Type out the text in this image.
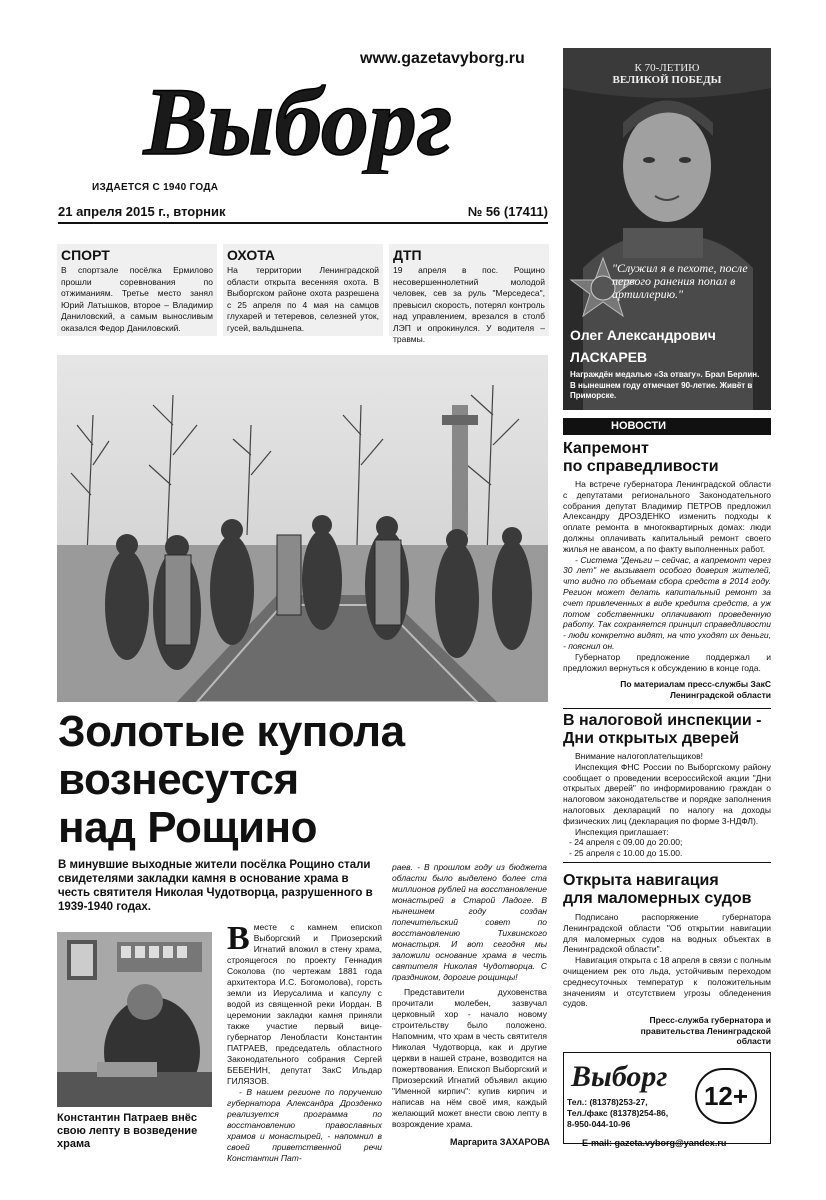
www.gazetavyborg.ru
Выборг
ИЗДАЕТСЯ С 1940 ГОДА
21 апреля 2015 г., вторник	№ 56 (17411)
СПОРТ

В спортзале посёлка Ермилово прошли соревнования по отжиманиям. Третье место занял Юрий Латышков, второе – Владимир Даниловский, а самым выносливым оказался Федор Даниловский.

ОХОТА

На территории Ленинградской области открыта весенняя охота. В Выборгском районе охота разрешена с 25 апреля по 4 мая на самцов глухарей и тетеревов, селезней уток, гусей, вальдшнепа.

ДТП

19 апреля в пос. Рощино несовершеннолетний молодой человек, сев за руль "Мерседеса", превысил скорость, потерял контроль над управлением, врезался в столб ЛЭП и опрокинулся. У водителя – травмы.

Золотые купола
вознесутся
над Рощино
В минувшие выходные жители посёлка Рощино стали свидетелями закладки камня в основание храма в честь святителя Николая Чудотворца, разрушенного в 1939-1940 годах.
Константин Патраев внёс свою лепту в возведение храма
В месте с камнем епископ Выборгский и Приозерский Игнатий вложил в стену храма, строящегося по проекту Геннадия Соколова (по чертежам 1881 года архитектора И.С. Богомолова), горсть земли из Иерусалима и капсулу с водой из священной реки Иордан. В церемонии закладки камня приняли также участие первый вице-губернатор Ленобласти Константин ПАТРАЕВ, председатель областного Законодательного собрания Сергей БЕБЕНИН, депутат ЗакС Ильдар ГИЛЯЗОВ.

- В нашем регионе по поручению губернатора Александра Дрозденко реализуется программа по восстановлению православных храмов и монастырей, - напомнил в своей приветственной речи Константин Пат-

раев. - В прошлом году из бюджета области было выделено более ста миллионов рублей на восстановление монастырей в Старой Ладоге. В нынешнем году создан попечительский совет по восстановлению Тихвинского монастыря. И вот сегодня мы заложили основание храма в честь святителя Николая Чудотворца. С праздником, дорогие рощинцы!

Представители духовенства прочитали молебен, зазвучал церковный хор - начало новому строительству было положено. Напомним, что храм в честь святителя Николая Чудотворца, как и другие церкви в нашей стране, возводится на пожертвования. Епископ Выборгский и Приозерский Игнатий объявил акцию "Именной кирпич": купив кирпич и написав на нём своё имя, каждый желающий может внести свою лепту в возрождение храма.

Маргарита ЗАХАРОВА
К 70-ЛЕТИЮ
ВЕЛИКОЙ ПОБЕДЫ
"Служил я в пехоте, после первого ранения попал в артиллерию."
Олег Александрович
ЛАСКАРЕВ
Награждён медалью «За отвагу». Брал Берлин. В нынешнем году отмечает 90-летие. Живёт в Приморске.
НОВОСТИ
Капремонт
по справедливости

На встрече губернатора Ленинградской области с депутатами регионального Законодательного собрания депутат Владимир ПЕТРОВ предложил Александру ДРОЗДЕНКО изменить подходы к оплате ремонта в многоквартирных домах: люди должны оплачивать капитальный ремонт своего жилья не авансом, а по факту выполненных работ.

- Система "Деньги – сейчас, а капремонт через 30 лет" не вызывает особого доверия жителей, что видно по объемам сбора средств в 2014 году. Регион может делать капитальный ремонт за счет привлеченных в виде кредита средств, а уж потом собственники оплачивают проведенную работу. Так сохраняется принцип справедливости - люди конкретно видят, на что уходят их деньги, - пояснил он.

Губернатор предложение поддержал и предложил вернуться к обсуждению в конце года.

По материалам пресс-службы ЗакС Ленинградской области

В налоговой инспекции -
Дни открытых дверей

Внимание налогоплательщиков!

Инспекция ФНС России по Выборгскому району сообщает о проведении всероссийской акции "Дни открытых дверей" по информированию граждан о налоговом законодательстве и порядке заполнения налоговых деклараций по налогу на доходы физических лиц (декларация по форме 3-НДФЛ).

Инспекция приглашает:

- 24 апреля с 09.00 до 20.00;

- 25 апреля с 10.00 до 15.00.

Открыта навигация
для маломерных судов

Подписано распоряжение губернатора Ленинградской области "Об открытии навигации для маломерных судов на водных объектах в Ленинградской области".

Навигация открыта с 18 апреля в связи с полным очищением рек ото льда, устойчивым переходом среднесуточных температур к положительным значениям и отсутствием угрозы обледенения судов.

Пресс-служба губернатора и правительства Ленинградской области

Выборг
12+
Тел.: (81378)253-27,
Тел./факс (81378)254-86,
8-950-044-10-96
E-mail: gazeta.vyborg@yandex.ru
